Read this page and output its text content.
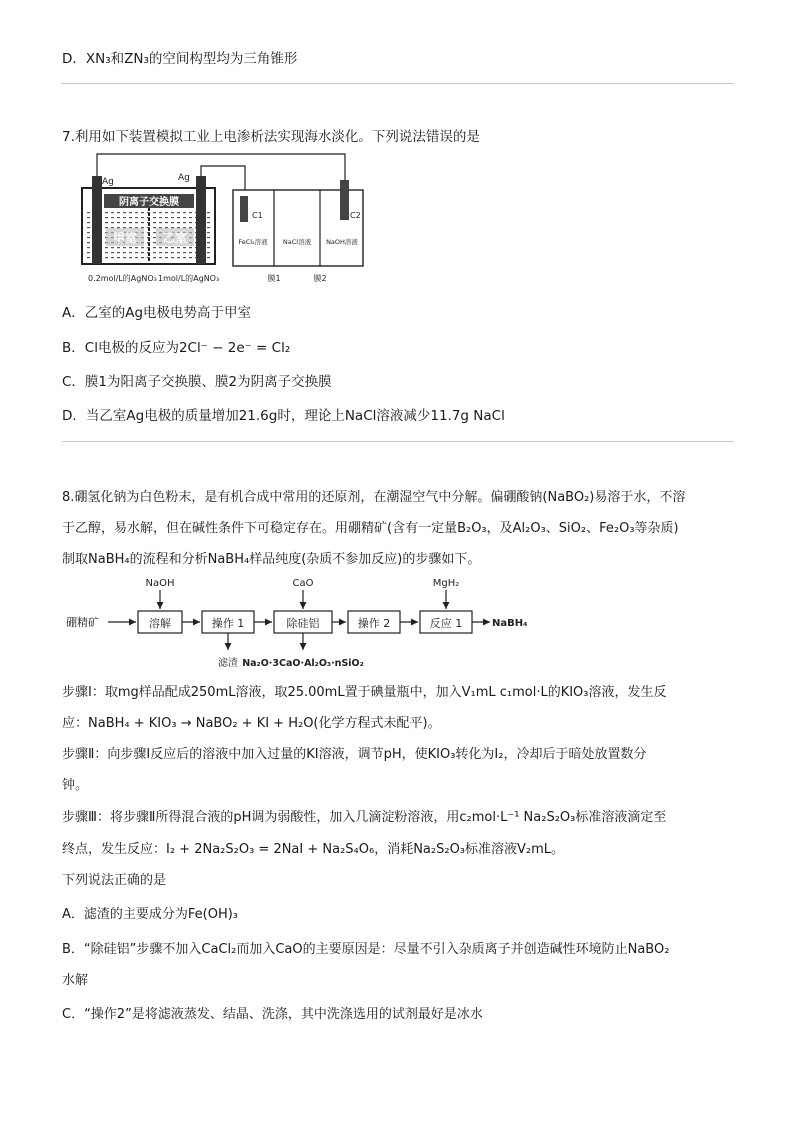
D．XN₃和ZN₃的空间构型均为三角锥形
7.利用如下装置模拟工业上电渗析法实现海水淡化。下列说法错误的是
阴离子交换膜
Ag	Ag
甲室 乙室
0.2mol/L的AgNO₃ 1mol/L的AgNO₃
C1	C2
FeCl₂溶液 NaCl溶液 NaOH溶液
膜1	膜2
A．乙室的Ag电极电势高于甲室
B．Cl电极的反应为2Cl⁻ − 2e⁻ = Cl₂
C．膜1为阳离子交换膜、膜2为阴离子交换膜
D．当乙室Ag电极的质量增加21.6g时，理论上NaCl溶液减少11.7g NaCl
8.硼氢化钠为白色粉末，是有机合成中常用的还原剂，在潮湿空气中分解。偏硼酸钠(NaBO₂)易溶于水，不溶
于乙醇，易水解，但在碱性条件下可稳定存在。用硼精矿(含有一定量B₂O₃，及Al₂O₃、SiO₂、Fe₂O₃等杂质)
制取NaBH₄的流程和分析NaBH₄样品纯度(杂质不参加反应)的步骤如下。
硼精矿	溶解	操作 1	除硅铝	操作 2	反应 1	NaBH₄
NaOH	CaO	MgH₂
滤渣 Na₂O·3CaO·Al₂O₃·nSiO₂
步骤Ⅰ：取mg样品配成250mL溶液，取25.00mL置于碘量瓶中，加入V₁mL c₁mol·L的KIO₃溶液，发生反
应：NaBH₄ + KIO₃ → NaBO₂ + KI + H₂O(化学方程式未配平)。
步骤Ⅱ：向步骤Ⅰ反应后的溶液中加入过量的KI溶液，调节pH，使KIO₃转化为I₂，冷却后于暗处放置数分
钟。
步骤Ⅲ：将步骤Ⅱ所得混合液的pH调为弱酸性，加入几滴淀粉溶液，用c₂mol·L⁻¹ Na₂S₂O₃标准溶液滴定至
终点，发生反应：I₂ + 2Na₂S₂O₃ = 2NaI + Na₂S₄O₆，消耗Na₂S₂O₃标准溶液V₂mL。
下列说法正确的是
A．滤渣的主要成分为Fe(OH)₃
B．“除硅铝”步骤不加入CaCl₂而加入CaO的主要原因是：尽量不引入杂质离子并创造碱性环境防止NaBO₂
水解
C．“操作2”是将滤液蒸发、结晶、洗涤，其中洗涤选用的试剂最好是冰水
